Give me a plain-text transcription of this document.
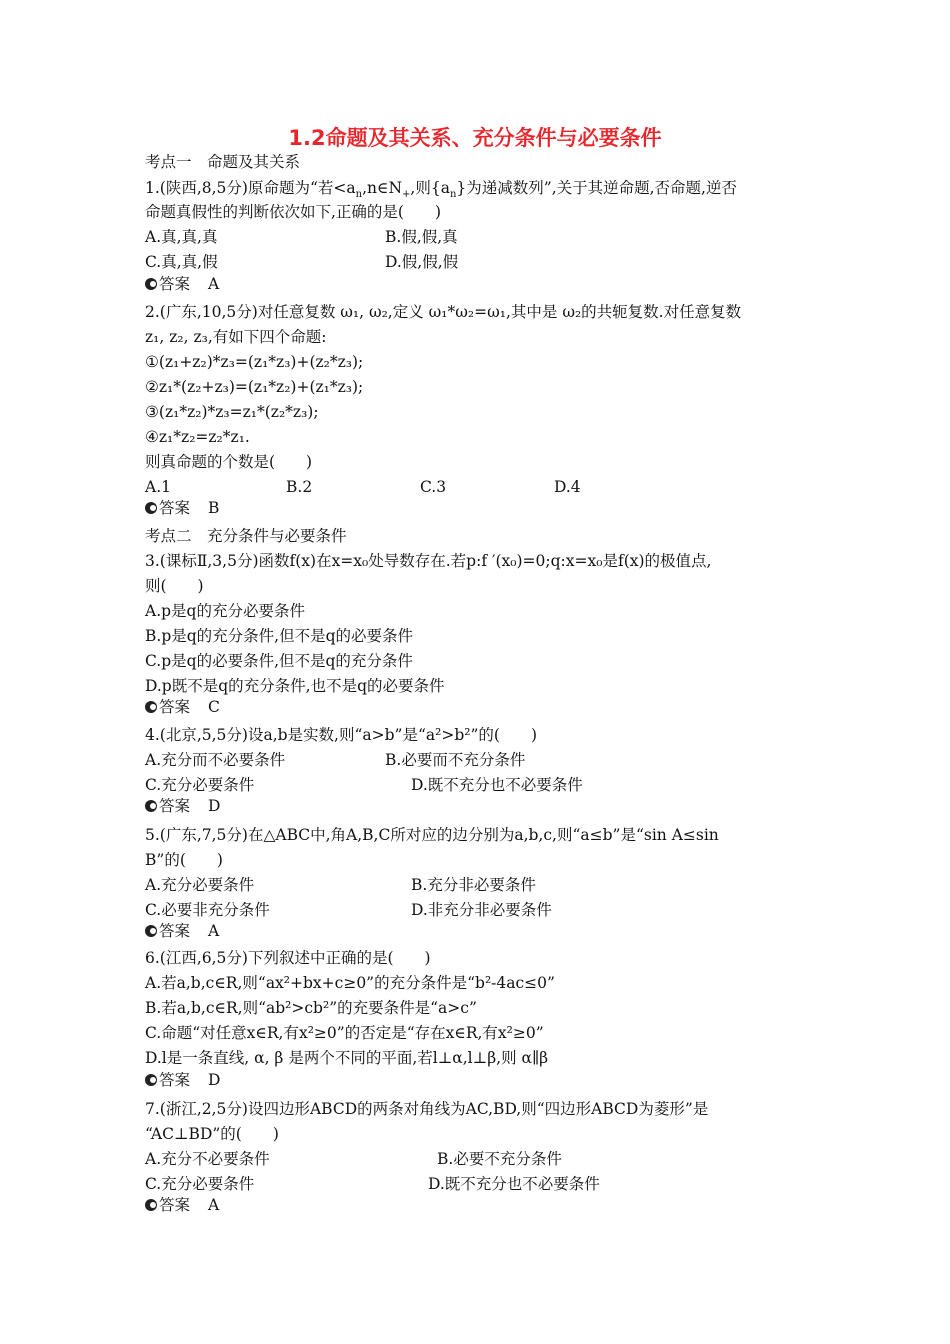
1.2命题及其关系、充分条件与必要条件
考点一　命题及其关系
1.(陕西,8,5分)原命题为“若$<a_n,n\in N_+$,则$\{a_n\}$为递减数列”,关于其逆命题,否命题,逆否
命题真假性的判断依次如下,正确的是(　　)
A.真,真,真	B.假,假,真
C.真,真,假	D.假,假,假
答案 A
2.(广东,10,5分)对任意复数 ω₁, ω₂,定义 ω₁*ω₂=ω₁,其中是 ω₂的共轭复数.对任意复数
z₁, z₂, z₃,有如下四个命题:
①(z₁+z₂)*z₃=(z₁*z₃)+(z₂*z₃);
②z₁*(z₂+z₃)=(z₁*z₂)+(z₁*z₃);
③(z₁*z₂)*z₃=z₁*(z₂*z₃);
④z₁*z₂=z₂*z₁.
则真命题的个数是(　　)
A.1	B.2	C.3	D.4
答案 B
考点二　充分条件与必要条件
3.(课标Ⅱ,3,5分)函数f(x)在x=x₀处导数存在.若p:f ′(x₀)=0;q:x=x₀是f(x)的极值点,
则(　　)
A.p是q的充分必要条件
B.p是q的充分条件,但不是q的必要条件
C.p是q的必要条件,但不是q的充分条件
D.p既不是q的充分条件,也不是q的必要条件
答案 C
4.(北京,5,5分)设a,b是实数,则“a>b”是“a²>b²”的(　　)
A.充分而不必要条件	B.必要而不充分条件
C.充分必要条件	D.既不充分也不必要条件
答案 D
5.(广东,7,5分)在△ABC中,角A,B,C所对应的边分别为a,b,c,则“a≤b”是“sin A≤sin
B”的(　　)
A.充分必要条件	B.充分非必要条件
C.必要非充分条件	D.非充分非必要条件
答案 A
6.(江西,6,5分)下列叙述中正确的是(　　)
A.若a,b,c∈R,则“ax²+bx+c≥0”的充分条件是“b²-4ac≤0”
B.若a,b,c∈R,则“ab²>cb²”的充要条件是“a>c”
C.命题“对任意x∈R,有x²≥0”的否定是“存在x∈R,有x²≥0”
D.l是一条直线, α, β 是两个不同的平面,若l⊥α,l⊥β,则 α∥β
答案 D
7.(浙江,2,5分)设四边形ABCD的两条对角线为AC,BD,则“四边形ABCD为菱形”是
“AC⊥BD”的(　　)
A.充分不必要条件	B.必要不充分条件
C.充分必要条件	D.既不充分也不必要条件
答案 A
